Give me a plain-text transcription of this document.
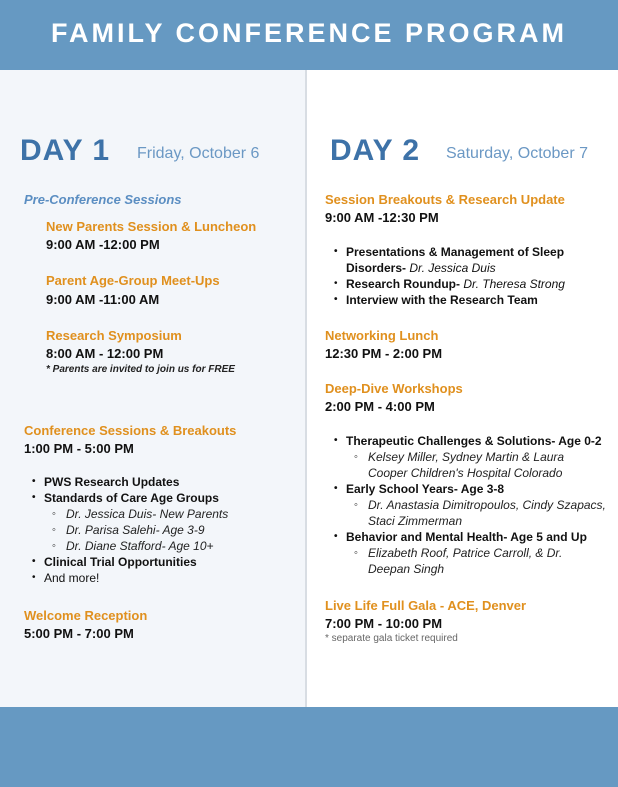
FAMILY CONFERENCE PROGRAM
DAY 1 Friday, October 6
Pre-Conference Sessions
New Parents Session & Luncheon
9:00 AM -12:00 PM
Parent Age-Group Meet-Ups
9:00 AM -11:00 AM
Research Symposium
8:00 AM - 12:00 PM
* Parents are invited to join us for FREE
Conference Sessions & Breakouts
1:00 PM - 5:00 PM
• PWS Research Updates
• Standards of Care Age Groups
◦ Dr. Jessica Duis- New Parents
◦ Dr. Parisa Salehi- Age 3-9
◦ Dr. Diane Stafford- Age 10+
• Clinical Trial Opportunities
• And more!
Welcome Reception
5:00 PM - 7:00 PM
DAY 2 Saturday, October 7
Session Breakouts & Research Update
9:00 AM -12:30 PM
• Presentations & Management of Sleep
Disorders- Dr. Jessica Duis
• Research Roundup- Dr. Theresa Strong
• Interview with the Research Team
Networking Lunch
12:30 PM - 2:00 PM
Deep-Dive Workshops
2:00 PM - 4:00 PM
• Therapeutic Challenges & Solutions- Age 0-2
◦ Kelsey Miller, Sydney Martin & Laura
Cooper Children's Hospital Colorado
• Early School Years- Age 3-8
◦ Dr. Anastasia Dimitropoulos, Cindy Szapacs,
Staci Zimmerman
• Behavior and Mental Health- Age 5 and Up
◦ Elizabeth Roof, Patrice Carroll, & Dr.
Deepan Singh
Live Life Full Gala - ACE, Denver
7:00 PM - 10:00 PM
* separate gala ticket required
